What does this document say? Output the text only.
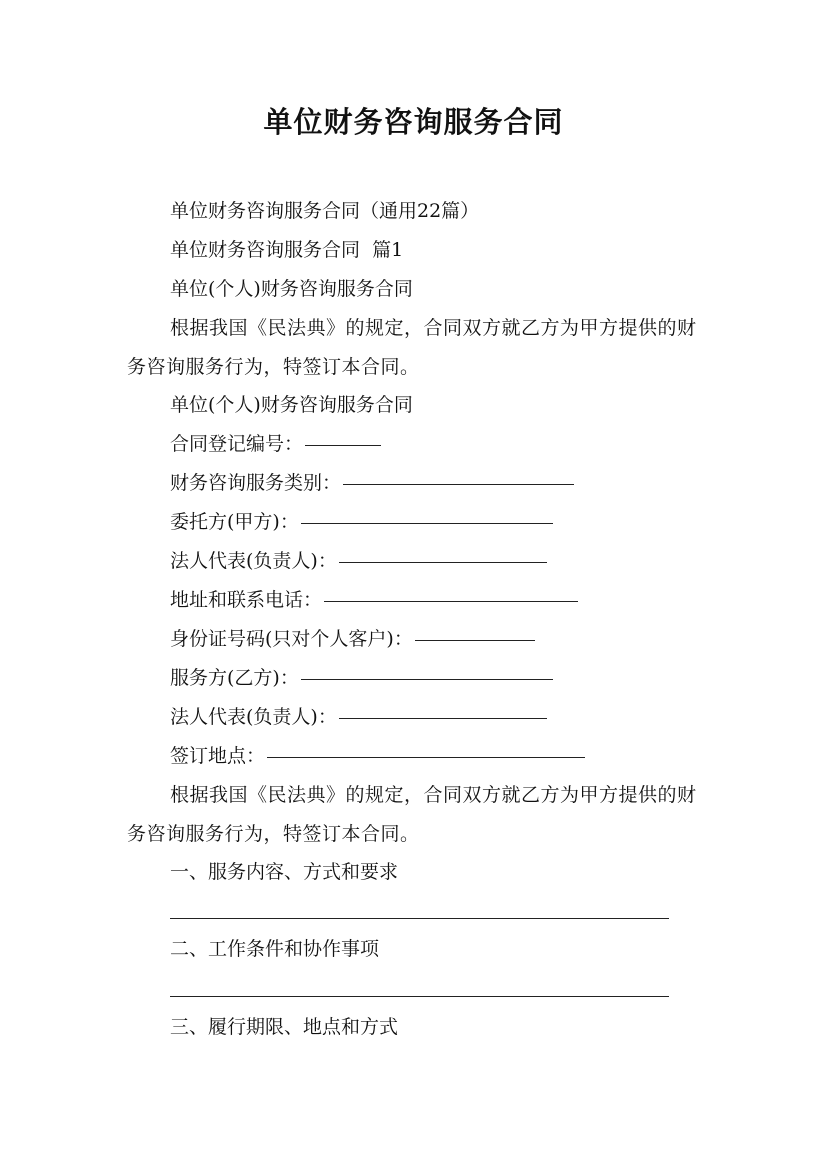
单位财务咨询服务合同
单位财务咨询服务合同（通用22篇）
单位财务咨询服务合同  篇1
单位(个人)财务咨询服务合同
根据我国《民法典》的规定，合同双方就乙方为甲方提供的财务咨询服务行为，特签订本合同。
单位(个人)财务咨询服务合同
合同登记编号：
财务咨询服务类别：
委托方(甲方)：
法人代表(负责人)：
地址和联系电话：
身份证号码(只对个人客户)：
服务方(乙方)：
法人代表(负责人)：
签订地点：
根据我国《民法典》的规定，合同双方就乙方为甲方提供的财务咨询服务行为，特签订本合同。
一、服务内容、方式和要求
二、工作条件和协作事项
三、履行期限、地点和方式
